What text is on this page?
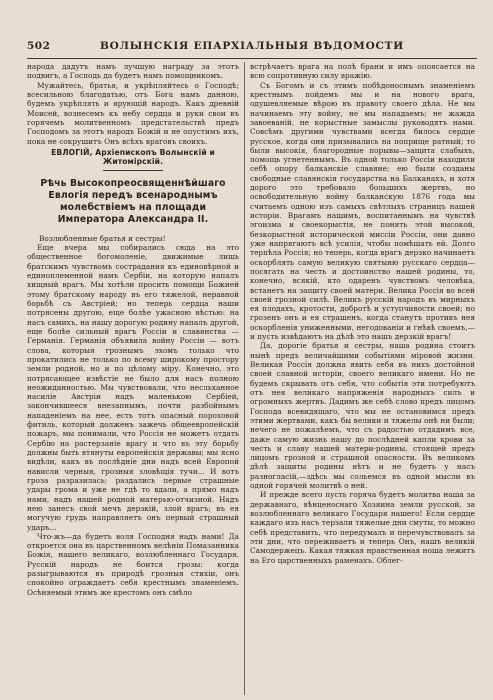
502	ВОЛЫНСКІЯ ЕПАРХІАЛЬНЫЯ ВѢДОМОСТИ

народа дадутъ намъ лучшую награду за этотъ подвигъ, а Господь да будетъ намъ помощникомъ.

Мужайтесь, братья, и укрѣпляйтесь о Господѣ; всесильною благодатью, отъ Бога намъ данною, будемъ укрѣплять и ярующій народъ. Какъ древній Моисей, вознесемъ къ небу сердца и руки свои въ горячемъ молитвенномъ предстательствѣ предъ Господомъ за этотъ народъ Божій и не опустимъ ихъ, пока не сокрушитъ Онъ всѣхъ враговъ своихъ.

ЕВЛОГІЙ, Архіепископъ Волынскій и Житомірскій.
Рѣчь Высокопреосвященнѣйшаго Евлогія передъ всенароднымъ молебствіемъ на площади Императора Александра II.

Возлюбленные братья и сестры!

Еще вчера мы собирались сюда на это общественное богомоленіе, движимые лишь братскимъ чувствомъ сострадания къ единовѣрной и единоплеменной намъ Сербіи, на которую напалъ хищный врагъ. Мы хотѣли просить помощи Божией этому братскому народу въ его тяжелой, неравной борьбѣ съ Австріей; но теперь сердца наши потрясены другою, еще болѣе ужасною вѣстью: на насъ самихъ, на нашу дорогую родину напалъ другой, еще болѣе сильный врагъ Россіи и славянства — Германія. Германія объявила войну Россіи — вотъ слова, которыя грознымъ эхомъ только что прокатились не только по всему широкому простору земли родной, но и по цѣлому міру. Конечно, это потрясающее извѣстіе не было для насъ полною неожиданностью. Мы чувствовали, что несльханное насиліе Австріи надъ маленькою Сербіей, закончившееся внезапнымъ, почти разбойнымъ нападеніемъ на нее, есть тотъ опасный пороховой фитиль, который долженъ зажечь общеевропейскій пожаръ, мы понимали, что Россія не можетъ отдать Сербію на растерзаніе врагу и что въ эту борьбу должны быть втянуты европейскія державы; мы ясно видѣли, какъ въ послѣдніе дни надъ всей Европой нависли черныя, грозныя зловѣщія тучи... И вотъ гроза разразилась; раздались первые страшные удары грома и уже не гдѣ то вдали, а прямо надъ нами, надъ нашей родной матерью-отчизной. Надъ нею занесъ свой мечъ дерзкій, злой врагъ; въ ея могучую грудь направляетъ онъ первый страшный ударъ...

Что-жъ—да будетъ воля Господня надъ нами! Да откроется она въ царственномъ велѣніи Помазанника Божія, нашего великаго, возлюбленнаго Государя. Русскій народъ не боится грозы: когда разыгрываются въ природѣ грозныя стихіи, онъ спокойно ограждаетъ себя крестнымъ знаменіемъ. Осѣняемый этимъ же крестомъ онъ смѣло

встрѣчаетъ врага на полѣ брани и имъ опоясается на всю сопротивную силу вражію.

Съ Богомъ и съ этимъ побѣдоноснымъ знаменіемъ крестнымъ пойдемъ мы и на нового врага, одушевляемые вѣрою въ правоту своего дѣла. Не мы начинаемъ эту войну, не мы нападаемъ; не жажда завоеваній, не корыстные замыслы руководятъ нами. Совсѣмъ другими чувствами всегда билось сердце русское, когда они призывались на поприще ратный; то были высокія, благородные порывы—защита слабыхъ, помощь угнетеннымъ. Въ одной только Россіи находили себѣ опору балканскіе славяне; ею были созданы свободные славянскія государства на Балканахъ, и хотя дорого это требовало большихъ жертвъ, но освободительную войну балканскую 1876 года мы считаемъ одною изъ самыхъ свѣтлыхъ страницъ нашей исторіи. Врагамъ нашимъ, воспитаннымъ на чувствѣ эгоизма и своекорыстія, не понять этой высокой, безкорыстной исторической миссіи Россіи, они давно уже напрягаютъ всѣ усилія, чтобы помѣшать ей. Долго терпѣла Россія; но теперь, когда врагъ дерзко начинаетъ оскорблять самую великую святыню русскаго сердца—посягать на честь и достоинство нашей родины, то, конечно, всякій, кто одаренъ чувствомъ человѣка, встанетъ на защиту своей матери. Велика Россія во всей своей грозной силѣ. Великъ русскій народъ въ мирныхъ ея плодахъ, кротости, добротѣ и уступчивости своей; но грозенъ онъ и ея страшенъ, когда станутъ противъ нея оскорбленія униженными, негодованіи и гнѣвѣ своемъ,—и пусть извѣдаютъ на дѣлѣ это нашъ дерзкій врагъ!

Да, дорогіе братья и сестры, наша родина стоитъ нынѣ предъ величайшими событіями міровой жизни. Великая Россія должна явить себя въ нихъ достойной своей славной исторіи, своего великаго имени. Но не будемъ скрывать отъ себя, что событія эти потребуютъ отъ нея великаго напряженія народныхъ силъ и огромныхъ жертвъ. Дадимъ же себѣ слово предъ лицомъ Господа всевидящаго, что мы не остановимся предъ этими жертвами, какъ бы велики и тяжелы онѣ ни были; нечего не пожалѣемъ, что съ радостью отдадимъ все, даже самую жизнь нашу до послѣдней капли крови за честь и славу нашей матери-родины, стоящей предъ лицомъ грозной и страшной опасности. Въ великомъ дѣлѣ защиты родины нѣтъ и не будетъ у насъ разногласій,—здѣсь мы сольемся въ одной мысли въ одной горячей молитвѣ о ней.

И прежде всего пусть горяча будетъ молитва наша за державнаго, вѣнценоснаго Хозяина земли русской, за возлюбленнаго великаго Государя нашего! Если сердце каждаго изъ насъ терзали тяжелые дни смуты, то можно себѣ представить, что передумалъ и перечувствовалъ за эти дни, что переживаетъ и теперь Онъ, нашъ великій Самодержецъ. Какая тяжкая нравственная ноша лежитъ на Его царственныхъ раменахъ. Облег-
